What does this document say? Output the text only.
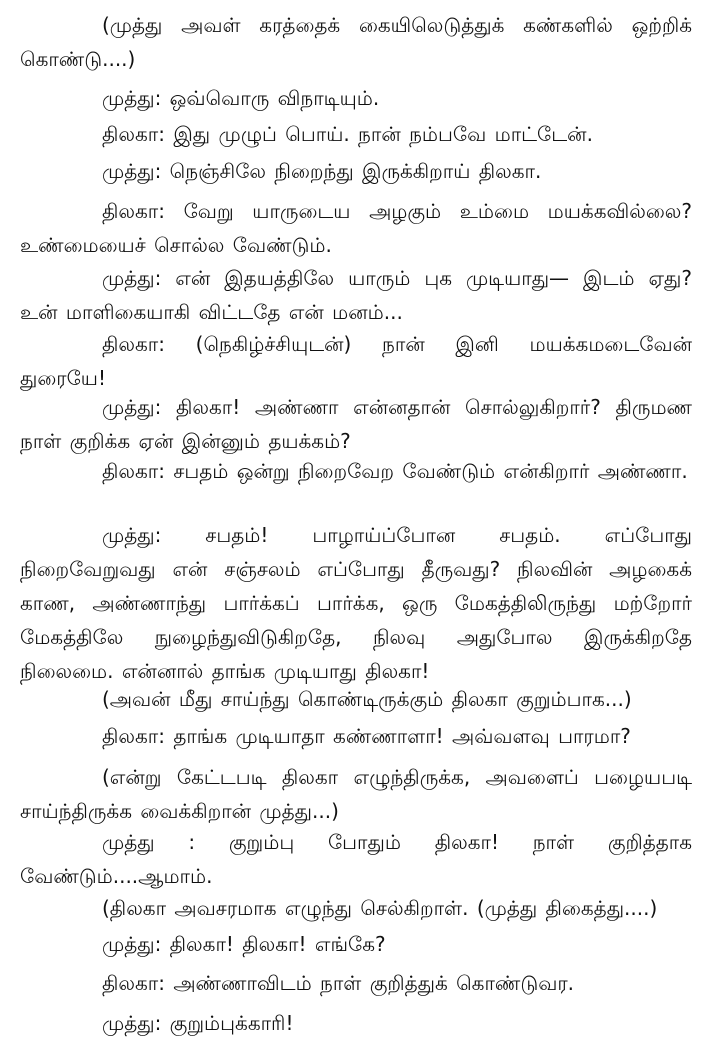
(முத்து அவள் கரத்தைக் கையிலெடுத்துக் கண்களில் ஒற்றிக் கொண்டு....)

முத்து: ஒவ்வொரு விநாடியும்.

திலகா: இது முழுப் பொய். நான் நம்பவே மாட்டேன்.

முத்து: நெஞ்சிலே நிறைந்து இருக்கிறாய் திலகா.

திலகா: வேறு யாருடைய அழகும் உம்மை மயக்கவில்லை? உண்மையைச் சொல்ல வேண்டும்.

முத்து: என் இதயத்திலே யாரும் புக முடியாது— இடம் ஏது? உன் மாளிகையாகி விட்டதே என் மனம்...

திலகா: (நெகிழ்ச்சியுடன்) நான் இனி மயக்கமடைவேன் துரையே!

முத்து: திலகா! அண்ணா என்னதான் சொல்லுகிறார்? திருமண நாள் குறிக்க ஏன் இன்னும் தயக்கம்?

திலகா: சபதம் ஒன்று நிறைவேற வேண்டும் என்கிறார் அண்ணா.

முத்து: சபதம்! பாழாய்ப்போன சபதம். எப்போது நிறைவேறுவது என் சஞ்சலம் எப்போது தீருவது? நிலவின் அழகைக் காண, அண்ணாந்து பார்க்கப் பார்க்க, ஒரு மேகத்திலிருந்து மற்றோர் மேகத்திலே நுழைந்துவிடுகிறதே, நிலவு அதுபோல இருக்கிறதே நிலைமை. என்னால் தாங்க முடியாது திலகா!

(அவன் மீது சாய்ந்து கொண்டிருக்கும் திலகா குறும்பாக...)

திலகா: தாங்க முடியாதா கண்ணாளா! அவ்வளவு பாரமா?

(என்று கேட்டபடி திலகா எழுந்திருக்க, அவளைப் பழையபடி சாய்ந்திருக்க வைக்கிறான் முத்து...)

முத்து : குறும்பு போதும் திலகா! நாள் குறித்தாக வேண்டும்....ஆமாம்.

(திலகா அவசரமாக எழுந்து செல்கிறாள். (முத்து திகைத்து....)

முத்து: திலகா! திலகா! எங்கே?

திலகா: அண்ணாவிடம் நாள் குறித்துக் கொண்டுவர.

முத்து: குறும்புக்காரி!
